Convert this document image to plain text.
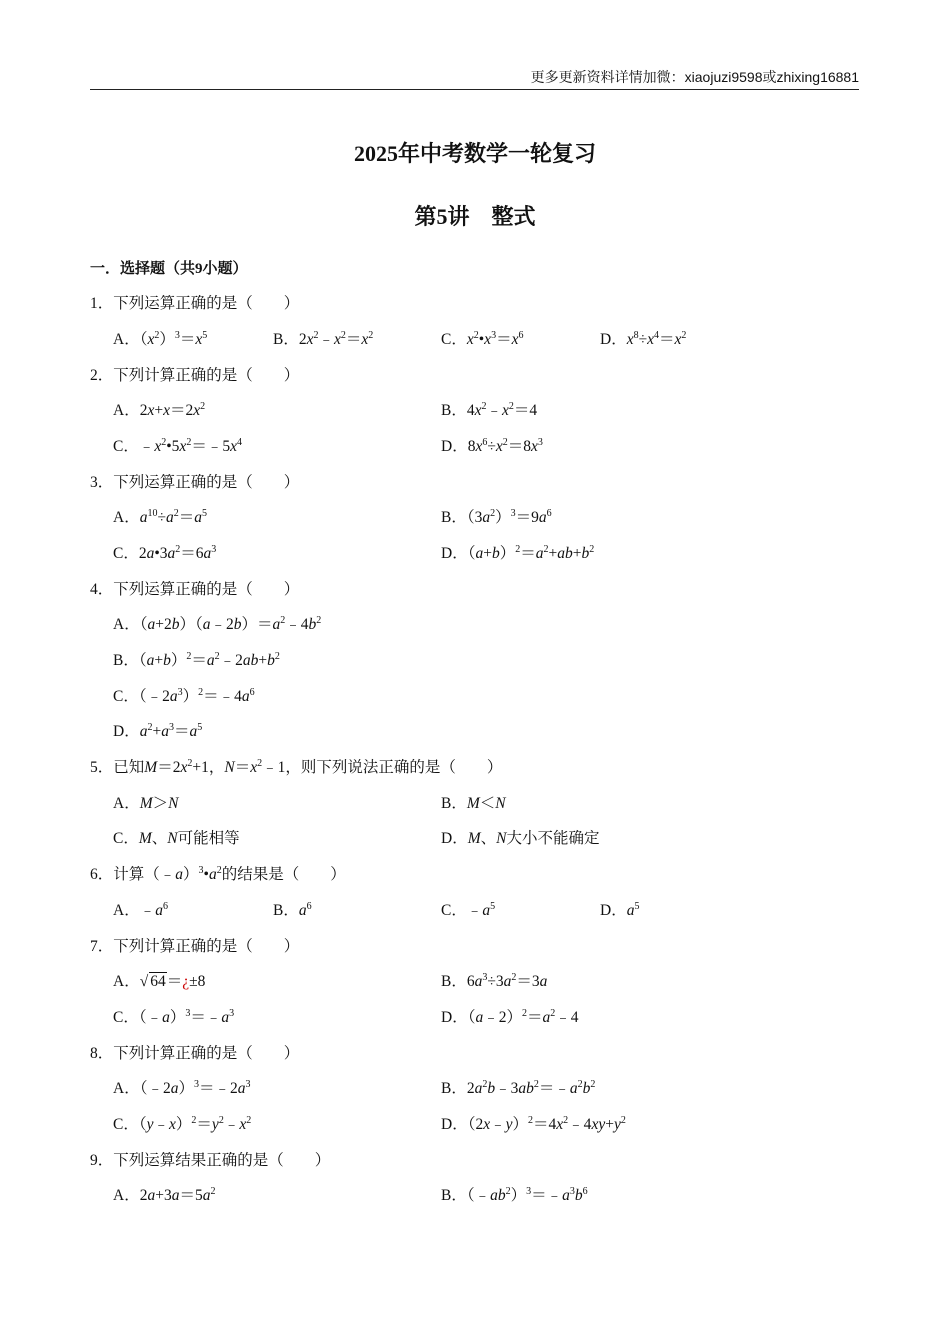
更多更新资料详情加微：xiaojuzi9598或zhixing16881
2025年中考数学一轮复习
第5讲　整式
一．选择题（共9小题）
1．下列运算正确的是（　　）
A．$(x^2)^3=x^5$	B．$2x^2﹣x^2=x^2$	C．$x^2•x^3=x^6$	D．$x^8\div x^4=x^2$
2．下列计算正确的是（　　）
A．$2x+x=2x^2$	B．$4x^2﹣x^2=4$
C．$﹣x^2•5x^2=﹣5x^4$	D．$8x^6\div x^2=8x^3$
3．下列运算正确的是（　　）
A．$a^{10}\div a^2=a^5$	B．$(3a^2)^3=9a^6$
C．$2a•3a^2=6a^3$	D．$(a+b)^2=a^2+ab+b^2$
4．下列运算正确的是（　　）
A．$(a+2b)(a﹣2b)=a^2﹣4b^2$
B．$(a+b)^2=a^2﹣2ab+b^2$
C．$(﹣2a^3)^2=﹣4a^6$
D．$a^2+a^3=a^5$
5．已知$M=2x^2+1$，$N=x^2﹣1$，则下列说法正确的是（　　）
A．M＞N	B．M＜N
C．M、N可能相等	D．M、N大小不能确定
6．计算$(﹣a)^3•a^2$的结果是（　　）
A．$﹣a^6$	B．$a^6$	C．$﹣a^5$	D．$a^5$
7．下列计算正确的是（　　）
A．√ 64＝¿±8	B．$6a^3\div 3a^2=3a$
C．$(﹣a)^3=﹣a^3$	D．$(a﹣2)^2=a^2﹣4$
8．下列计算正确的是（　　）
A．$(﹣2a)^3=﹣2a^3$	B．$2a^2b﹣3ab^2=﹣a^2b^2$
C．$(y﹣x)^2=y^2﹣x^2$	D．$(2x﹣y)^2=4x^2﹣4xy+y^2$
9．下列运算结果正确的是（　　）
A．$2a+3a=5a^2$	B．$(﹣ab^2)^3=﹣a^3b^6$
